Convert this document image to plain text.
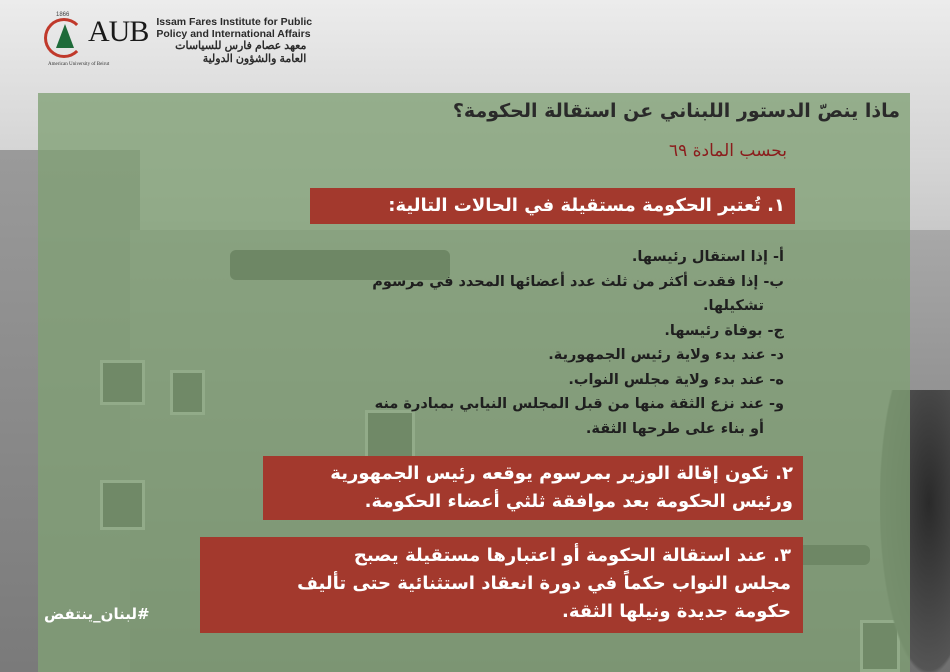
1866 AUB
American University of Beirut
Issam Fares Institute for Public
Policy and International Affairs
معهد عصام فارس للسياسات
العامة والشؤون الدولية
ماذا ينصّ الدستور اللبناني عن استقالة الحكومة؟
بحسب المادة ٦٩
١. تُعتبر الحكومة مستقيلة في الحالات التالية:
أ- إذا استقال رئيسها.
ب- إذا فقدت أكثر من ثلث عدد أعضائها المحدد في مرسوم
تشكيلها.
ج- بوفاة رئيسها.
د- عند بدء ولاية رئيس الجمهورية.
ه- عند بدء ولاية مجلس النواب.
و- عند نزع الثقة منها من قبل المجلس النيابي بمبادرة منه
أو بناء على طرحها الثقة.
٢. تكون إقالة الوزير بمرسوم يوقعه رئيس الجمهورية
ورئيس الحكومة بعد موافقة ثلثي أعضاء الحكومة.
٣. عند استقالة الحكومة أو اعتبارها مستقيلة يصبح
مجلس النواب حكماً في دورة انعقاد استثنائية حتى تأليف
حكومة جديدة ونيلها الثقة.
#لبنان_ينتفض
